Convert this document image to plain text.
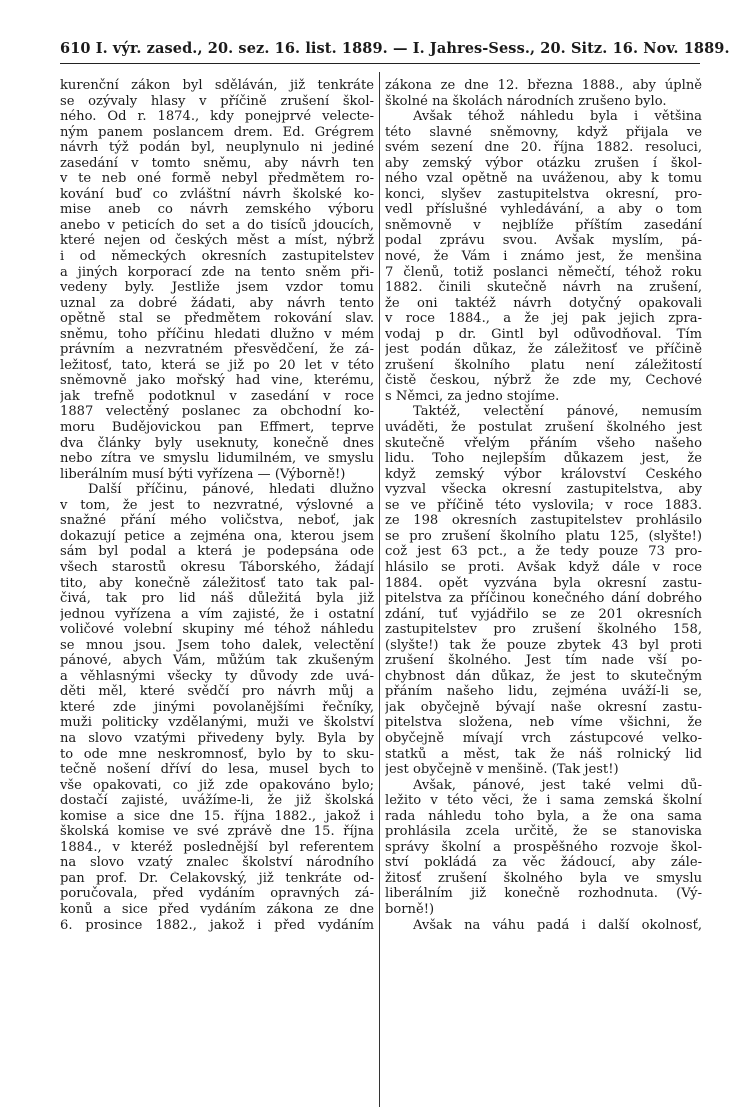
610 I. výr. zased., 20. sez. 16. list. 1889. — I. Jahres-Sess., 20. Sitz. 16. Nov. 1889.
kurenční zákon byl sděláván, již tenkráte
se ozývaly hlasy v příčině zrušení škol-
ného. Od r. 1874., kdy ponejprvé velecte-
ným panem poslancem drem. Ed. Grégrem
návrh týž podán byl, neuplynulo ni jediné
zasedání v tomto sněmu, aby návrh ten
v te neb oné formě nebyl předmětem ro-
kování buď co zvláštní návrh školské ko-
mise aneb co návrh zemského výboru
anebo v peticích do set a do tisíců jdoucích,
které nejen od českých měst a míst, nýbrž
i od německých okresních zastupitelstev
a jiných korporací zde na tento sněm při-
vedeny byly. Jestliže jsem vzdor tomu
uznal za dobré žádati, aby návrh tento
opětně stal se předmětem rokování slav.
sněmu, toho příčinu hledati dlužno v mém
právním a nezvratném přesvědčení, že zá-
ležitosť, tato, která se již po 20 let v této
sněmovně jako mořský had vine, kterému,
jak trefně podotknul v zasedání v roce
1887 velectěný poslanec za obchodní ko-
moru Budějovickou pan Effmert, teprve
dva články byly useknuty, konečně dnes
nebo zítra ve smyslu lidumilném, ve smyslu
liberálním musí býti vyřízena — (Výborně!)
Další příčinu, pánové, hledati dlužno
v tom, že jest to nezvratné, výslovné a
snažné přání mého voličstva, neboť, jak
dokazují petice a zejména ona, kterou jsem
sám byl podal a která je podepsána ode
všech starostů okresu Táborského, žádají
tito, aby konečně záležitosť tato tak pal-
čivá, tak pro lid náš důležitá byla již
jednou vyřízena a vím zajisté, že i ostatní
voličové volební skupiny mé téhož náhledu
se mnou jsou. Jsem toho dalek, velectění
pánové, abych Vám, můžúm tak zkušeným
a věhlasnými všecky ty důvody zde uvá-
děti měl, které svědčí pro návrh můj a
které zde jinými povolanějšími řečníky,
muži politicky vzdělanými, muži ve školství
na slovo vzatými přivedeny byly. Byla by
to ode mne neskromnosť, bylo by to sku-
tečně nošení dříví do lesa, musel bych to
vše opakovati, co již zde opakováno bylo;
dostačí zajisté, uvážíme-li, že již školská
komise a sice dne 15. října 1882., jakož i
školská komise ve své zprávě dne 15. října
1884., v kteréž poslednější byl referentem
na slovo vzatý znalec školství národního
pan prof. Dr. Čelakovský, již tenkráte od-
poručovala, před vydáním opravných zá-
konů a sice před vydáním zákona ze dne
6. prosince 1882., jakož i před vydáním
zákona ze dne 12. března 1888., aby úplně
školné na školách národních zrušeno bylo.
Avšak téhož náhledu byla i většina
této slavné sněmovny, když přijala ve
svém sezení dne 20. října 1882. resoluci,
aby zemský výbor otázku zrušen í škol-
ného vzal opětně na uváženou, aby k tomu
konci, slyšev zastupitelstva okresní, pro-
vedl příslušné vyhledávání, a aby o tom
sněmovně v nejblíže příštím zasedání
podal zprávu svou. Avšak myslím, pá-
nové, že Vám i známo jest, že menšina
7 členů, totiž poslanci němečtí, téhož roku
1882. činili skutečně návrh na zrušení,
že oni taktéž návrh dotyčný opakovali
v roce 1884., a že jej pak jejich zpra-
vodaj p dr. Gintl byl odůvodňoval. Tím
jest podán důkaz, že záležitosť ve příčině
zrušení školního platu není záležitostí
čistě českou, nýbrž že zde my, Čechové
s Němci, za jedno stojíme.
Taktéž, velectění pánové, nemusím
uváděti, že postulat zrušení školného jest
skutečně vřelým přáním všeho našeho
lidu. Toho nejlepším důkazem jest, že
když zemský výbor království Českého
vyzval všecka okresní zastupitelstva, aby
se ve příčině této vyslovila; v roce 1883.
ze 198 okresních zastupitelstev prohlásilo
se pro zrušení školního platu 125, (slyšte!)
což jest 63 pct., a že tedy pouze 73 pro-
hlásilo se proti. Avšak když dále v roce
1884. opět vyzvána byla okresní zastu-
pitelstva za příčinou konečného dání dobrého
zdání, tuť vyjádřilo se ze 201 okresních
zastupitelstev pro zrušení školného 158,
(slyšte!) tak že pouze zbytek 43 byl proti
zrušení školného. Jest tím nade vší po-
chybnost dán důkaz, že jest to skutečným
přáním našeho lidu, zejména uváží-li se,
jak obyčejně bývají naše okresní zastu-
pitelstva složena, neb víme všichni, že
obyčejně mívají vrch zástupcové velko-
statků a měst, tak že náš rolnický lid
jest obyčejně v menšině. (Tak jest!)
Avšak, pánové, jest také velmi dů-
ležito v této věci, že i sama zemská školní
rada náhledu toho byla, a že ona sama
prohlásila zcela určitě, že se stanoviska
správy školní a prospěšného rozvoje škol-
ství pokládá za věc žádoucí, aby zále-
žitosť zrušení školného byla ve smyslu
liberálním již konečně rozhodnuta. (Vý-
borně!)
Avšak na váhu padá i další okolnosť,
